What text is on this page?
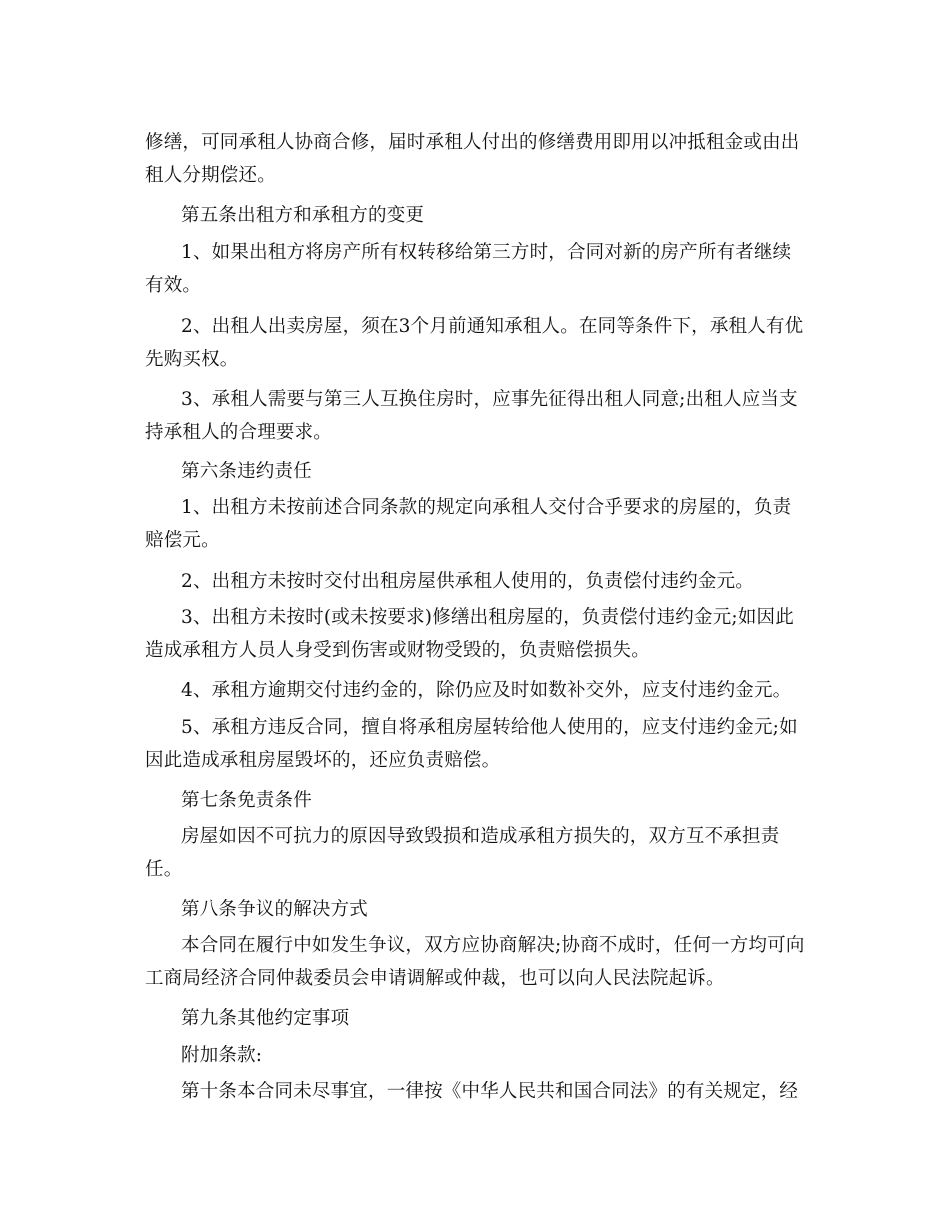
修缮，可同承租人协商合修，届时承租人付出的修缮费用即用以冲抵租金或由出租人分期偿还。

第五条出租方和承租方的变更

1、如果出租方将房产所有权转移给第三方时，合同对新的房产所有者继续有效。

2、出租人出卖房屋，须在3个月前通知承租人。在同等条件下，承租人有优先购买权。

3、承租人需要与第三人互换住房时，应事先征得出租人同意;出租人应当支持承租人的合理要求。

第六条违约责任

1、出租方未按前述合同条款的规定向承租人交付合乎要求的房屋的，负责赔偿元。

2、出租方未按时交付出租房屋供承租人使用的，负责偿付违约金元。

3、出租方未按时(或未按要求)修缮出租房屋的，负责偿付违约金元;如因此造成承租方人员人身受到伤害或财物受毁的，负责赔偿损失。

4、承租方逾期交付违约金的，除仍应及时如数补交外，应支付违约金元。

5、承租方违反合同，擅自将承租房屋转给他人使用的，应支付违约金元;如因此造成承租房屋毁坏的，还应负责赔偿。

第七条免责条件

房屋如因不可抗力的原因导致毁损和造成承租方损失的，双方互不承担责任。

第八条争议的解决方式

本合同在履行中如发生争议，双方应协商解决;协商不成时，任何一方均可向工商局经济合同仲裁委员会申请调解或仲裁，也可以向人民法院起诉。

第九条其他约定事项

附加条款:

第十条本合同未尽事宜，一律按《中华人民共和国合同法》的有关规定，经
